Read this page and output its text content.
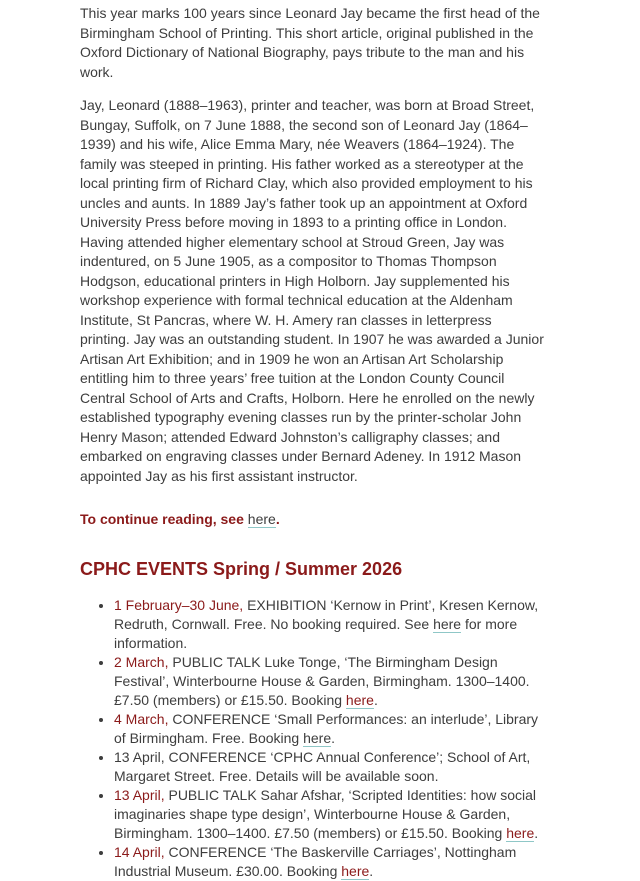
This year marks 100 years since Leonard Jay became the first head of the Birmingham School of Printing. This short article, original published in the Oxford Dictionary of National Biography, pays tribute to the man and his work.

Jay, Leonard (1888–1963), printer and teacher, was born at Broad Street, Bungay, Suffolk, on 7 June 1888, the second son of Leonard Jay (1864–1939) and his wife, Alice Emma Mary, née Weavers (1864–1924). The family was steeped in printing. His father worked as a stereotyper at the local printing firm of Richard Clay, which also provided employment to his uncles and aunts. In 1889 Jay’s father took up an appointment at Oxford University Press before moving in 1893 to a printing office in London. Having attended higher elementary school at Stroud Green, Jay was indentured, on 5 June 1905, as a compositor to Thomas Thompson Hodgson, educational printers in High Holborn. Jay supplemented his workshop experience with formal technical education at the Aldenham Institute, St Pancras, where W. H. Amery ran classes in letterpress printing. Jay was an outstanding student. In 1907 he was awarded a Junior Artisan Art Exhibition; and in 1909 he won an Artisan Art Scholarship entitling him to three years’ free tuition at the London County Council Central School of Arts and Crafts, Holborn. Here he enrolled on the newly established typography evening classes run by the printer-scholar John Henry Mason; attended Edward Johnston’s calligraphy classes; and embarked on engraving classes under Bernard Adeney. In 1912 Mason appointed Jay as his first assistant instructor.

To continue reading, see here.

CPHC EVENTS Spring / Summer 2026
• 1 February–30 June, EXHIBITION ‘Kernow in Print’, Kresen Kernow, Redruth, Cornwall. Free. No booking required. See here for more information.
• 2 March, PUBLIC TALK Luke Tonge, ‘The Birmingham Design Festival’, Winterbourne House & Garden, Birmingham. 1300–1400. £7.50 (members) or £15.50. Booking here.
• 4 March, CONFERENCE ‘Small Performances: an interlude’, Library of Birmingham. Free. Booking here.
• 13 April, CONFERENCE ‘CPHC Annual Conference’; School of Art, Margaret Street. Free. Details will be available soon.
• 13 April, PUBLIC TALK Sahar Afshar, ‘Scripted Identities: how social imaginaries shape type design’, Winterbourne House & Garden, Birmingham. 1300–1400. £7.50 (members) or £15.50. Booking here.
• 14 April, CONFERENCE ‘The Baskerville Carriages’, Nottingham Industrial Museum. £30.00. Booking here.
